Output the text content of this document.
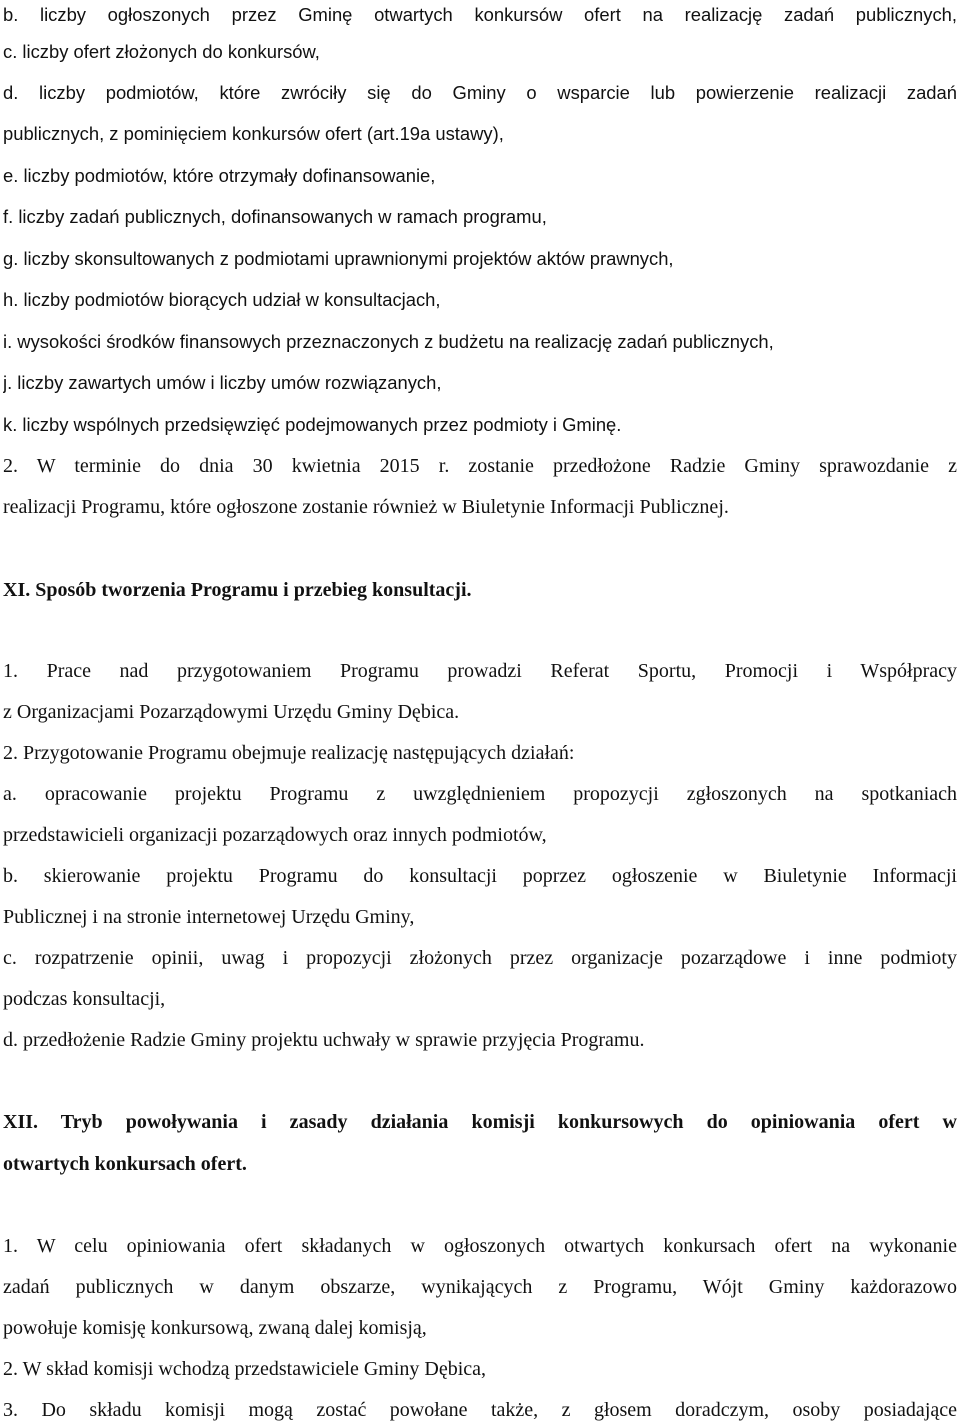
b. liczby ogłoszonych przez Gminę otwartych konkursów ofert na realizację zadań publicznych,
c. liczby ofert złożonych do konkursów,
d. liczby podmiotów, które zwróciły się do Gminy o wsparcie lub powierzenie realizacji zadań
publicznych, z pominięciem konkursów ofert (art.19a ustawy),
e. liczby podmiotów, które otrzymały dofinansowanie,
f. liczby zadań publicznych, dofinansowanych w ramach programu,
g. liczby skonsultowanych z podmiotami uprawnionymi projektów aktów prawnych,
h. liczby podmiotów biorących udział w konsultacjach,
i. wysokości środków finansowych przeznaczonych z budżetu na realizację zadań publicznych,
j. liczby zawartych umów i liczby umów rozwiązanych,
k. liczby wspólnych przedsięwzięć podejmowanych przez podmioty i Gminę.
2. W terminie do dnia 30 kwietnia 2015 r. zostanie przedłożone Radzie Gminy sprawozdanie z
realizacji Programu, które ogłoszone zostanie również w Biuletynie Informacji Publicznej.
XI. Sposób tworzenia Programu i przebieg konsultacji.
1. Prace nad przygotowaniem Programu prowadzi Referat Sportu, Promocji i Współpracy
z Organizacjami Pozarządowymi Urzędu Gminy Dębica.
2. Przygotowanie Programu obejmuje realizację następujących działań:
a. opracowanie projektu Programu z uwzględnieniem propozycji zgłoszonych na spotkaniach
przedstawicieli organizacji pozarządowych oraz innych podmiotów,
b. skierowanie projektu Programu do konsultacji poprzez ogłoszenie w Biuletynie Informacji
Publicznej i na stronie internetowej Urzędu Gminy,
c. rozpatrzenie opinii, uwag i propozycji złożonych przez organizacje pozarządowe i inne podmioty
podczas konsultacji,
d. przedłożenie Radzie Gminy projektu uchwały w sprawie przyjęcia Programu.
XII. Tryb powoływania i zasady działania komisji konkursowych do opiniowania ofert w
otwartych konkursach ofert.
1. W celu opiniowania ofert składanych w ogłoszonych otwartych konkursach ofert na wykonanie
zadań publicznych w danym obszarze, wynikających z Programu, Wójt Gminy każdorazowo
powołuje komisję konkursową, zwaną dalej komisją,
2. W skład komisji wchodzą przedstawiciele Gminy Dębica,
3. Do składu komisji mogą zostać powołane także, z głosem doradczym, osoby posiadające
